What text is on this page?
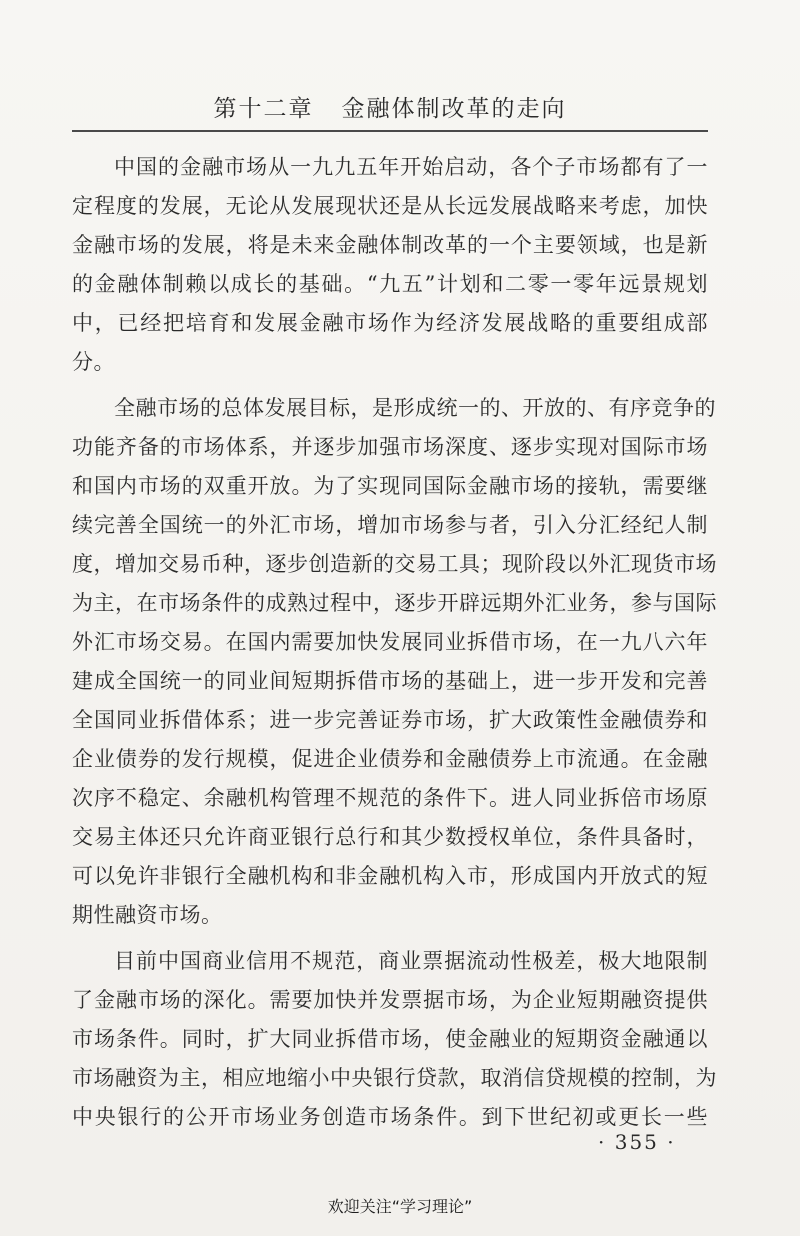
第十二章   金融体制改革的走向
中国的金融市场从一九九五年开始启动，各个子市场都有了一
定程度的发展，无论从发展现状还是从长远发展战略来考虑，加快
金融市场的发展，将是未来金融体制改革的一个主要领域，也是新
的金融体制赖以成长的基础。“九五”计划和二零一零年远景规划
中，已经把培育和发展金融市场作为经济发展战略的重要组成部
分。
全融市场的总体发展目标，是形成统一的、开放的、有序竞争的
功能齐备的市场体系，并逐步加强市场深度、逐步实现对国际市场
和国内市场的双重开放。为了实现同国际金融市场的接轨，需要继
续完善全国统一的外汇市场，增加市场参与者，引入分汇经纪人制
度，增加交易币种，逐步创造新的交易工具；现阶段以外汇现货市场
为主，在市场条件的成熟过程中，逐步开辟远期外汇业务，参与国际
外汇市场交易。在国内需要加快发展同业拆借市场，在一九八六年
建成全国统一的同业间短期拆借市场的基础上，进一步开发和完善
全国同业拆借体系；进一步完善证券市场，扩大政策性金融债券和
企业债券的发行规模，促进企业债券和金融债券上市流通。在金融
次序不稳定、余融机构管理不规范的条件下。进人同业拆倍市场原
交易主体还只允许商亚银行总行和其少数授权单位，条件具备时，
可以免许非银行全融机构和非金融机构入市，形成国内开放式的短
期性融资市场。
目前中国商业信用不规范，商业票据流动性极差，极大地限制
了金融市场的深化。需要加快并发票据市场，为企业短期融资提供
市场条件。同时，扩大同业拆借市场，使金融业的短期资金融通以
市场融资为主，相应地缩小中央银行贷款，取消信贷规模的控制，为
中央银行的公开市场业务创造市场条件。到下世纪初或更长一些
· 355 ·
欢迎关注“学习理论”
